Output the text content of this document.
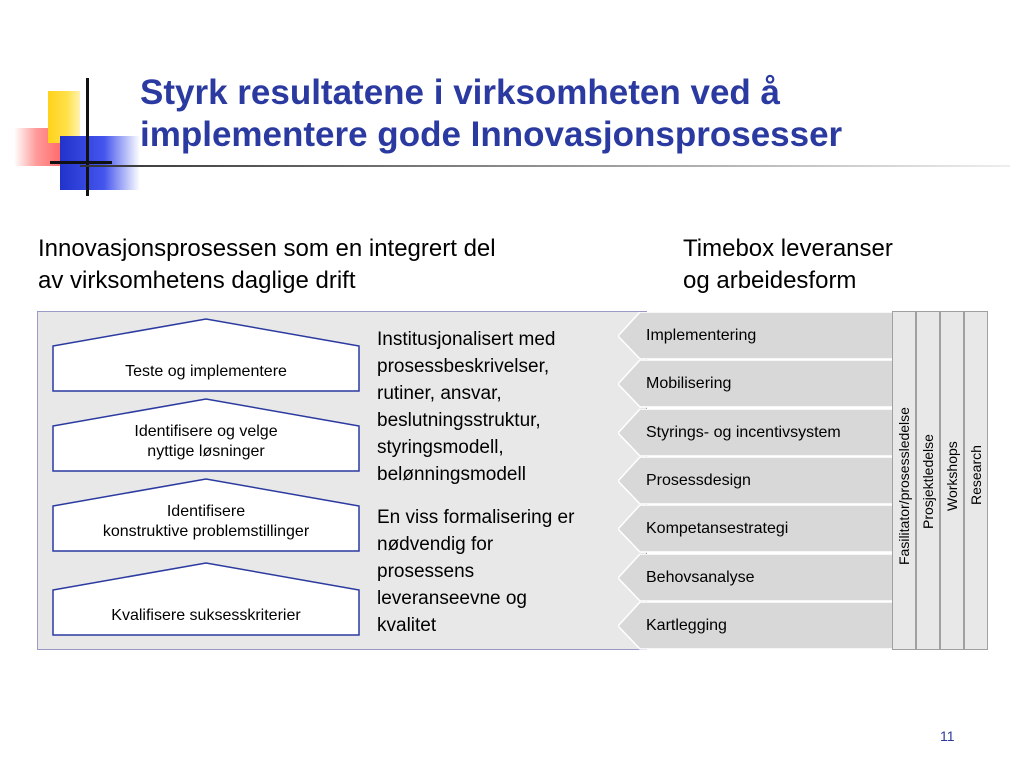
Styrk resultatene i virksomheten ved å
implementere gode Innovasjonsprosesser
Innovasjonsprosessen som en integrert del
av virksomhetens daglige drift
Timebox leveranser
og arbeidesform
Teste og implementere
Identifisere og velge
nyttige løsninger
Identifisere
konstruktive problemstillinger
Kvalifisere suksesskriterier
Institusjonalisert med
prosessbeskrivelser,
rutiner, ansvar,
beslutningsstruktur,
styringsmodell,
belønningsmodell
En viss formalisering er
nødvendig for
prosessens
leveranseevne og
kvalitet
Implementering
Mobilisering
Styrings- og incentivsystem
Prosessdesign
Kompetansestrategi
Behovsanalyse
Kartlegging
Fasilitator/prosessledelse Prosjektledelse Workshops Research
11
